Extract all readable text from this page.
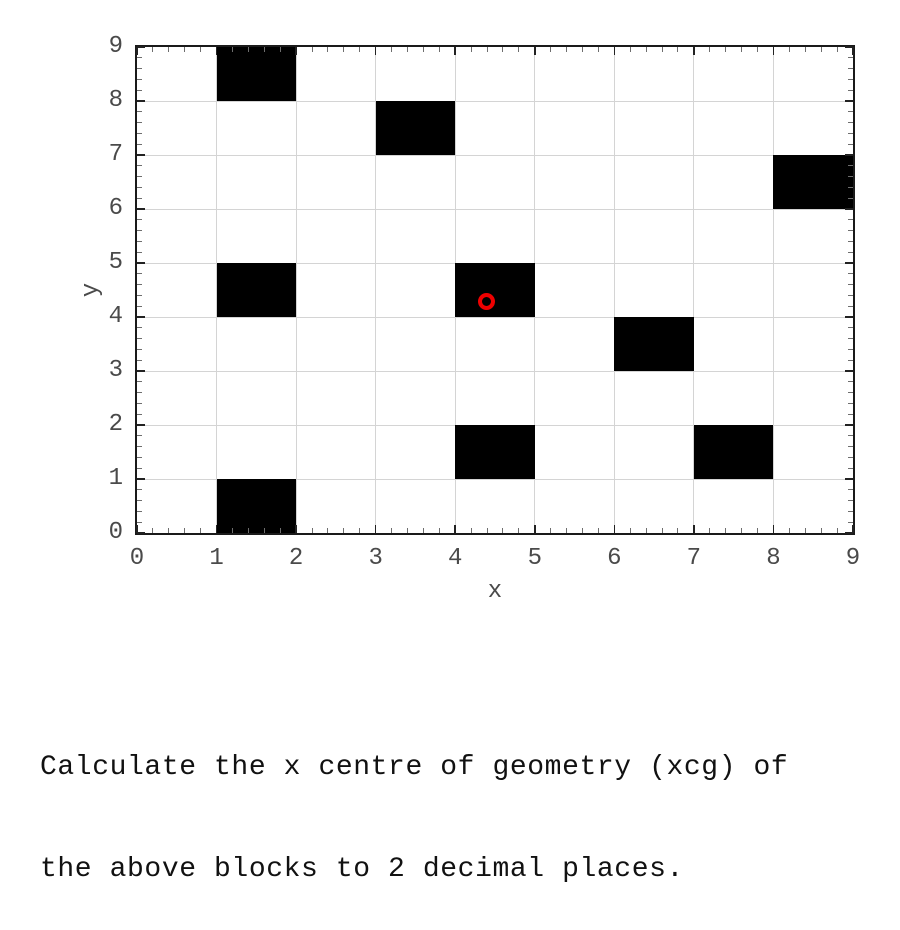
x
y
0	1	2	3	4	5	6	7	8	9
0
1
2
3
4
5
6
7
8
9

Calculate the x centre of geometry (xcg) of

the above blocks to 2 decimal places.
